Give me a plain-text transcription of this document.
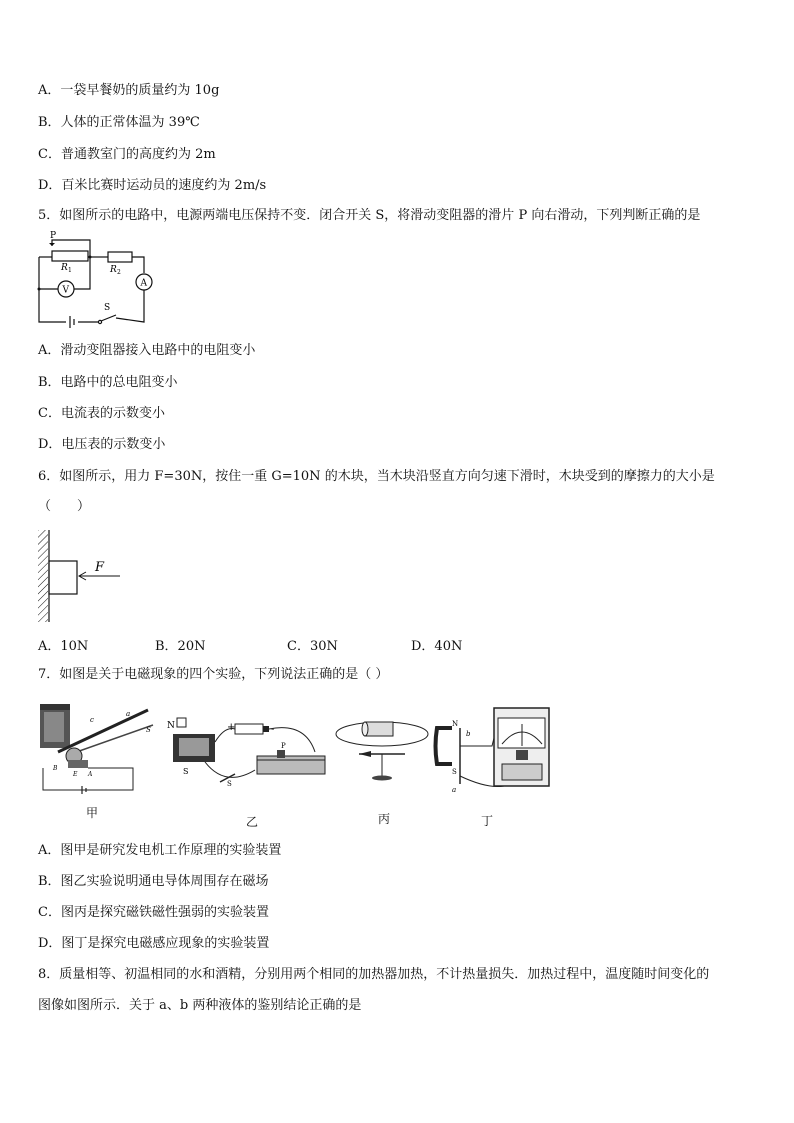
A．一袋早餐奶的质量约为 10g
B．人体的正常体温为 39℃
C．普通教室门的高度约为 2m
D．百米比赛时运动员的速度约为 2m/s
5．如图所示的电路中，电源两端电压保持不变．闭合开关 S，将滑动变阻器的滑片 P 向右滑动，下列判断正确的是
P
R 1	R 2
V
A
S
A．滑动变阻器接入电路中的电阻变小
B．电路中的总电阻变小
C．电流表的示数变小
D．电压表的示数变小
6．如图所示，用力 F=30N，按住一重 G=10N 的木块，当木块沿竖直方向匀速下滑时，木块受到的摩擦力的大小是
（　　）
F
A．10N	B．20N	C．30N	D．40N
7．如图是关于电磁现象的四个实验，下列说法正确的是（ ）
c
a
S
B
E A
N
S
+	-
P
S
N
S
a
b
甲
乙	丙	丁
A．图甲是研究发电机工作原理的实验装置
B．图乙实验说明通电导体周围存在磁场
C．图丙是探究磁铁磁性强弱的实验装置
D．图丁是探究电磁感应现象的实验装置
8．质量相等、初温相同的水和酒精，分别用两个相同的加热器加热，不计热量损失．加热过程中，温度随时间变化的
图像如图所示．关于 a、b 两种液体的鉴别结论正确的是
